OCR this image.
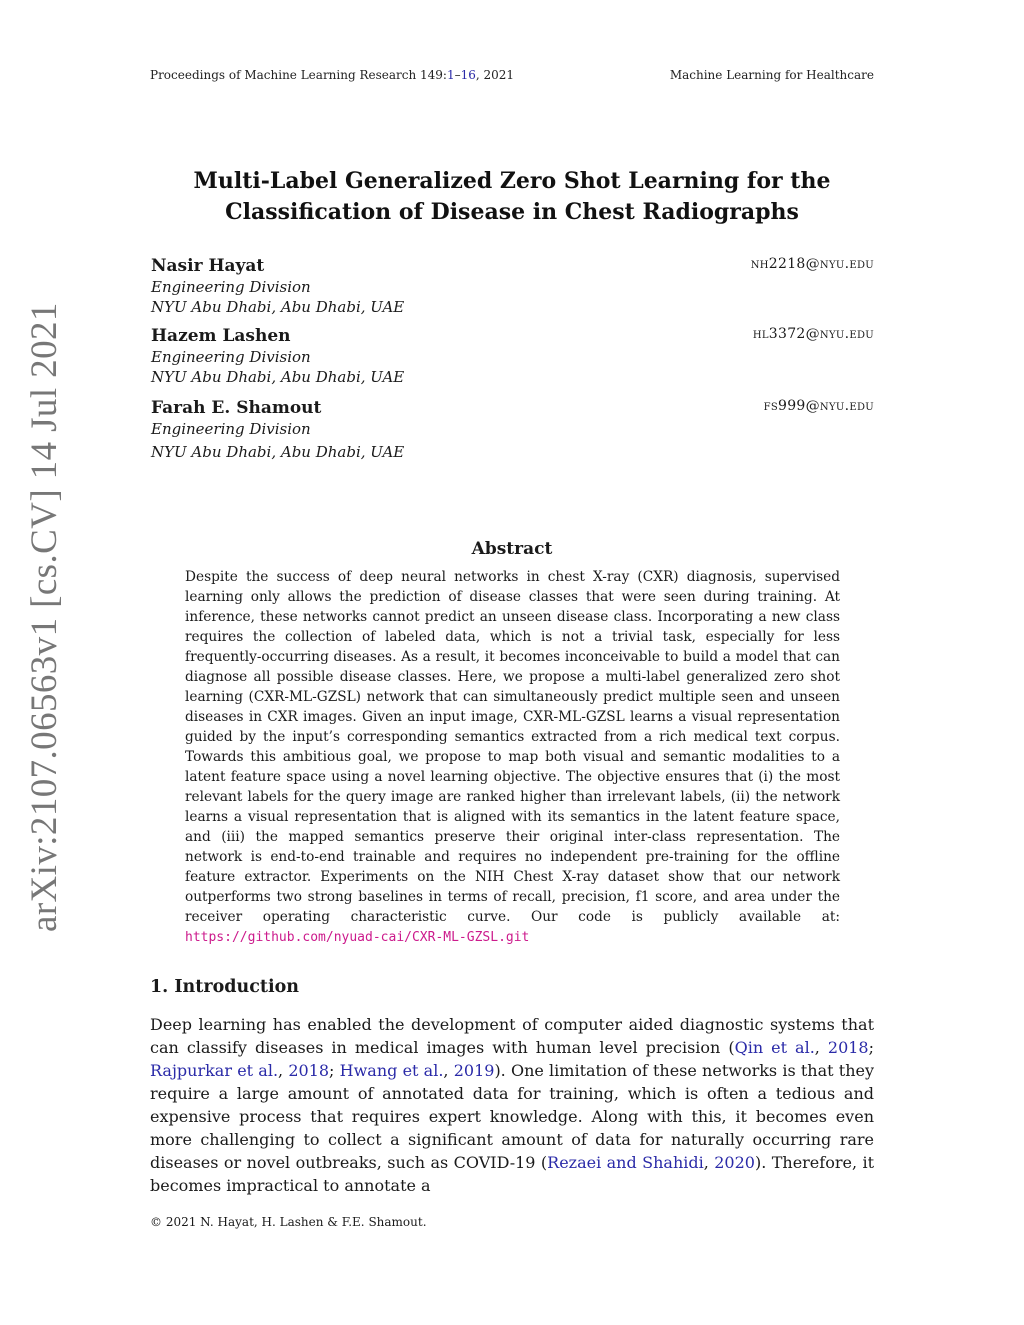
Proceedings of Machine Learning Research 149:1–16, 2021	Machine Learning for Healthcare
arXiv:2107.06563v1 [cs.CV] 14 Jul 2021
Multi-Label Generalized Zero Shot Learning for the
Classification of Disease in Chest Radiographs
Nasir Hayat	nh2218@nyu.edu
Engineering Division
NYU Abu Dhabi, Abu Dhabi, UAE
Hazem Lashen	hl3372@nyu.edu
Engineering Division
NYU Abu Dhabi, Abu Dhabi, UAE
Farah E. Shamout	fs999@nyu.edu
Engineering Division
NYU Abu Dhabi, Abu Dhabi, UAE
Abstract

Despite the success of deep neural networks in chest X-ray (CXR) diagnosis, supervised learning only allows the prediction of disease classes that were seen during training. At inference, these networks cannot predict an unseen disease class. Incorporating a new class requires the collection of labeled data, which is not a trivial task, especially for less frequently-occurring diseases. As a result, it becomes inconceivable to build a model that can diagnose all possible disease classes. Here, we propose a multi-label generalized zero shot learning (CXR-ML-GZSL) network that can simultaneously predict multiple seen and unseen diseases in CXR images. Given an input image, CXR-ML-GZSL learns a visual representation guided by the input’s corresponding semantics extracted from a rich medical text corpus. Towards this ambitious goal, we propose to map both visual and semantic modalities to a latent feature space using a novel learning objective. The objective ensures that (i) the most relevant labels for the query image are ranked higher than irrelevant labels, (ii) the network learns a visual representation that is aligned with its semantics in the latent feature space, and (iii) the mapped semantics preserve their original inter-class representation. The network is end-to-end trainable and requires no independent pre-training for the offline feature extractor. Experiments on the NIH Chest X-ray dataset show that our network outperforms two strong baselines in terms of recall, precision, f1 score, and area under the receiver operating characteristic curve. Our code is publicly available at: https://github.com/nyuad-cai/CXR-ML-GZSL.git

1. Introduction

Deep learning has enabled the development of computer aided diagnostic systems that can classify diseases in medical images with human level precision (Qin et al., 2018; Rajpurkar et al., 2018; Hwang et al., 2019). One limitation of these networks is that they require a large amount of annotated data for training, which is often a tedious and expensive process that requires expert knowledge. Along with this, it becomes even more challenging to collect a significant amount of data for naturally occurring rare diseases or novel outbreaks, such as COVID-19 (Rezaei and Shahidi, 2020). Therefore, it becomes impractical to annotate a

© 2021 N. Hayat, H. Lashen & F.E. Shamout.
